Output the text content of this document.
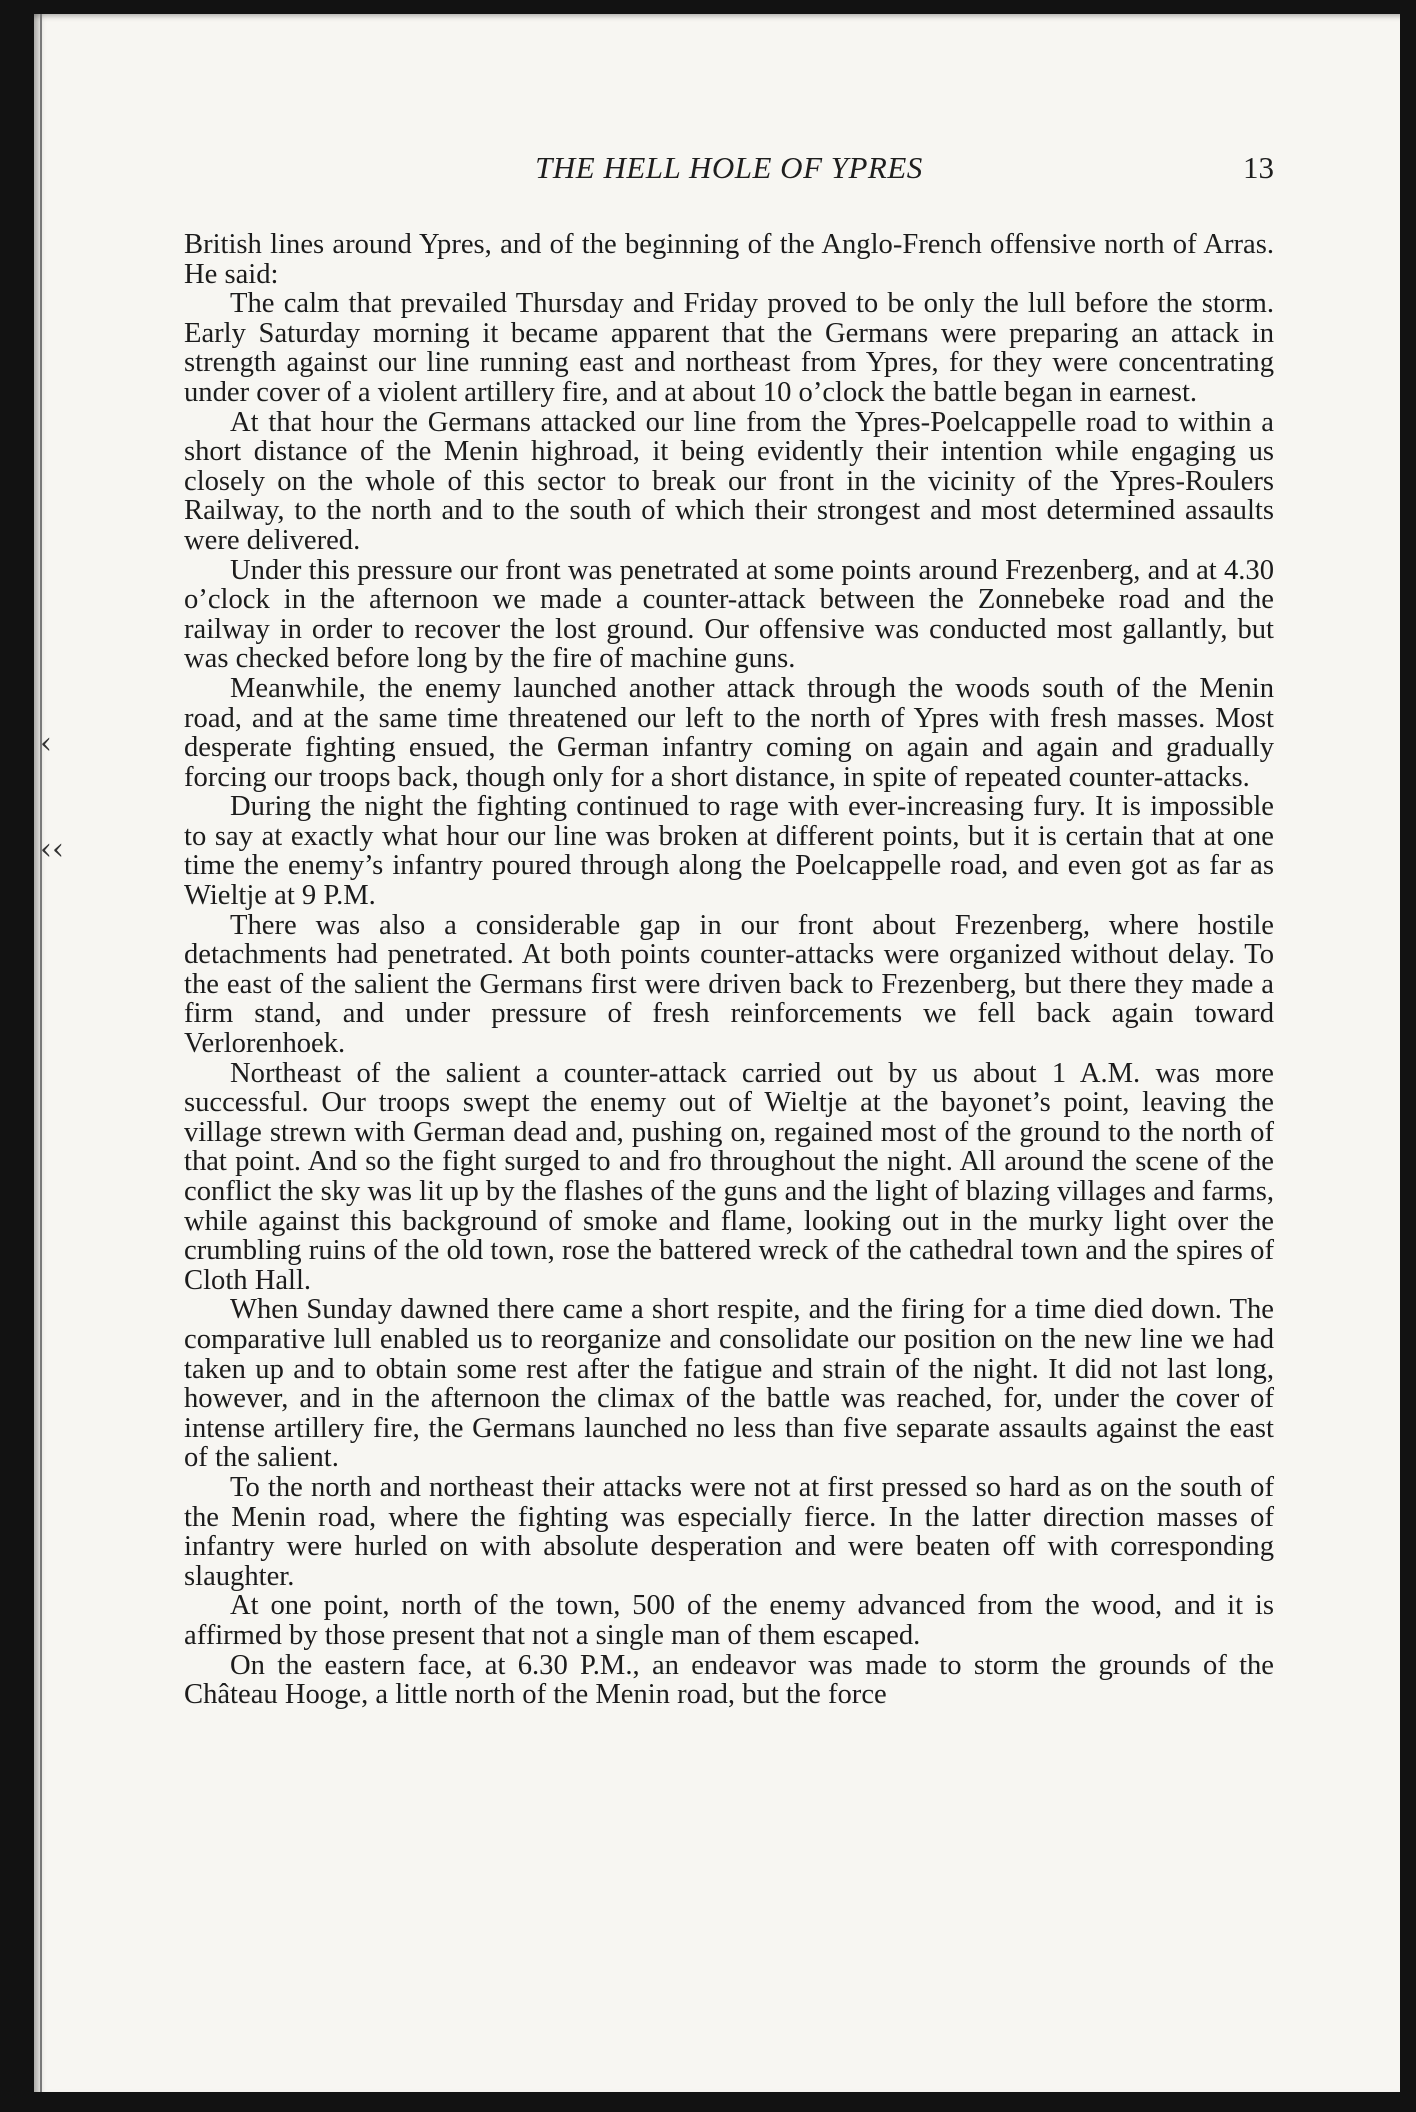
‹
‹‹
THE HELL HOLE OF YPRES	13

British lines around Ypres, and of the beginning of the Anglo-French offensive north of Arras. He said:

The calm that prevailed Thursday and Friday proved to be only the lull before the storm. Early Saturday morning it became apparent that the Germans were preparing an attack in strength against our line running east and northeast from Ypres, for they were concentrating under cover of a violent artillery fire, and at about 10 o’clock the battle began in earnest.

At that hour the Germans attacked our line from the Ypres-Poelcappelle road to within a short distance of the Menin highroad, it being evidently their intention while engaging us closely on the whole of this sector to break our front in the vicinity of the Ypres-Roulers Railway, to the north and to the south of which their strongest and most determined assaults were delivered.

Under this pressure our front was penetrated at some points around Frezenberg, and at 4.30 o’clock in the afternoon we made a counter-attack between the Zonnebeke road and the railway in order to recover the lost ground. Our offensive was conducted most gallantly, but was checked before long by the fire of machine guns.

Meanwhile, the enemy launched another attack through the woods south of the Menin road, and at the same time threatened our left to the north of Ypres with fresh masses. Most desperate fighting ensued, the German infantry coming on again and again and gradually forcing our troops back, though only for a short distance, in spite of repeated counter-attacks.

During the night the fighting continued to rage with ever-increasing fury. It is impossible to say at exactly what hour our line was broken at different points, but it is certain that at one time the enemy’s infantry poured through along the Poelcappelle road, and even got as far as Wieltje at 9 P.M.

There was also a considerable gap in our front about Frezenberg, where hostile detachments had penetrated. At both points counter-attacks were organized without delay. To the east of the salient the Germans first were driven back to Frezenberg, but there they made a firm stand, and under pressure of fresh reinforcements we fell back again toward Verlorenhoek.

Northeast of the salient a counter-attack carried out by us about 1 A.M. was more successful. Our troops swept the enemy out of Wieltje at the bayonet’s point, leaving the village strewn with German dead and, pushing on, regained most of the ground to the north of that point. And so the fight surged to and fro throughout the night. All around the scene of the conflict the sky was lit up by the flashes of the guns and the light of blazing villages and farms, while against this background of smoke and flame, looking out in the murky light over the crumbling ruins of the old town, rose the battered wreck of the cathedral town and the spires of Cloth Hall.

When Sunday dawned there came a short respite, and the firing for a time died down. The comparative lull enabled us to reorganize and consolidate our position on the new line we had taken up and to obtain some rest after the fatigue and strain of the night. It did not last long, however, and in the afternoon the climax of the battle was reached, for, under the cover of intense artillery fire, the Germans launched no less than five separate assaults against the east of the salient.

To the north and northeast their attacks were not at first pressed so hard as on the south of the Menin road, where the fighting was especially fierce. In the latter direction masses of infantry were hurled on with absolute desperation and were beaten off with corresponding slaughter.

At one point, north of the town, 500 of the enemy advanced from the wood, and it is affirmed by those present that not a single man of them escaped.

On the eastern face, at 6.30 P.M., an endeavor was made to storm the grounds of the Château Hooge, a little north of the Menin road, but the force
